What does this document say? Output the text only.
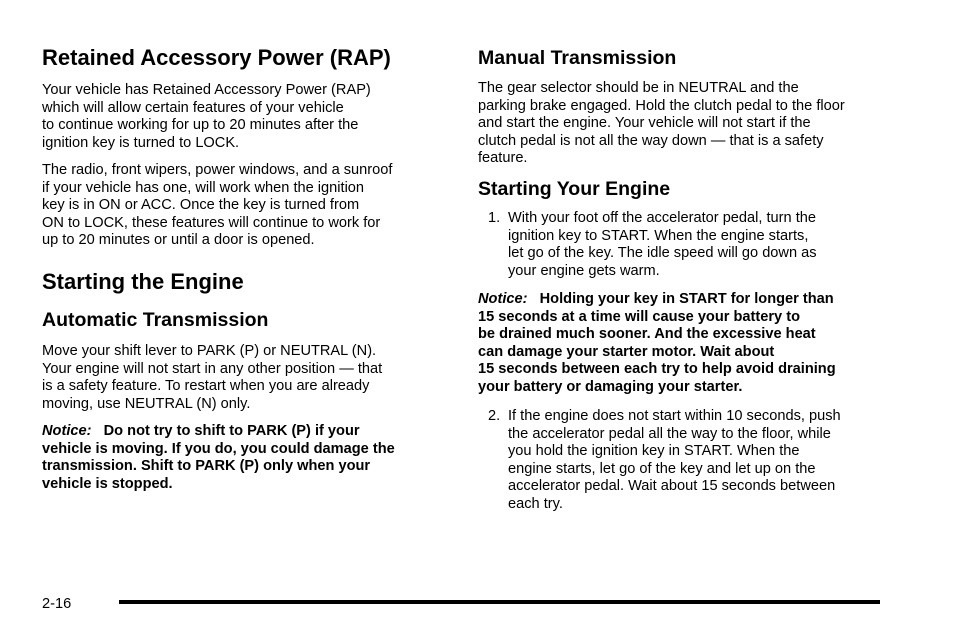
Retained Accessory Power (RAP)
Your vehicle has Retained Accessory Power (RAP)
which will allow certain features of your vehicle
to continue working for up to 20 minutes after the
ignition key is turned to LOCK.
The radio, front wipers, power windows, and a sunroof
if your vehicle has one, will work when the ignition
key is in ON or ACC. Once the key is turned from
ON to LOCK, these features will continue to work for
up to 20 minutes or until a door is opened.
Starting the Engine
Automatic Transmission
Move your shift lever to PARK (P) or NEUTRAL (N).
Your engine will not start in any other position — that
is a safety feature. To restart when you are already
moving, use NEUTRAL (N) only.
Notice: Do not try to shift to PARK (P) if your
vehicle is moving. If you do, you could damage the
transmission. Shift to PARK (P) only when your
vehicle is stopped.
Manual Transmission
The gear selector should be in NEUTRAL and the
parking brake engaged. Hold the clutch pedal to the floor
and start the engine. Your vehicle will not start if the
clutch pedal is not all the way down — that is a safety
feature.
Starting Your Engine
1. With your foot off the accelerator pedal, turn the
ignition key to START. When the engine starts,
let go of the key. The idle speed will go down as
your engine gets warm.
Notice: Holding your key in START for longer than
15 seconds at a time will cause your battery to
be drained much sooner. And the excessive heat
can damage your starter motor. Wait about
15 seconds between each try to help avoid draining
your battery or damaging your starter.
2. If the engine does not start within 10 seconds, push
the accelerator pedal all the way to the floor, while
you hold the ignition key in START. When the
engine starts, let go of the key and let up on the
accelerator pedal. Wait about 15 seconds between
each try.
2-16
